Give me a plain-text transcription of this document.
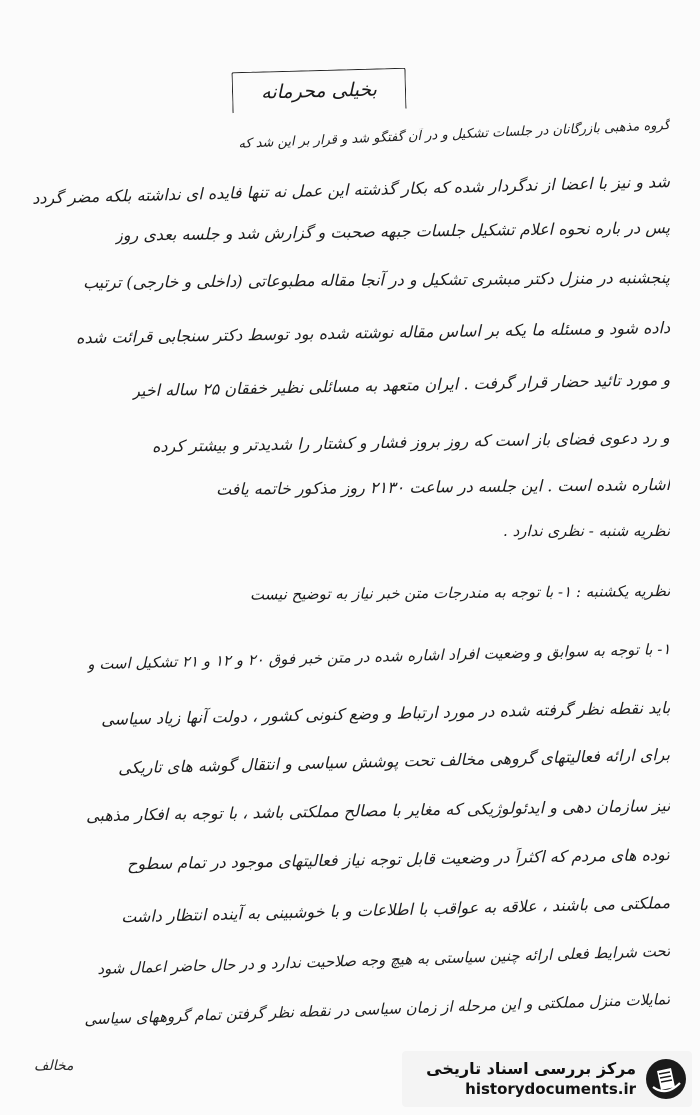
بخیلی محرمانه
گروه مذهبی بازرگانان در جلسات تشکیل و در آن گفتگو شد و قرار بر این شد که
شد و نیز با اعضا از ندگردار شده که بکار گذشته این عمل نه تنها فایده ای نداشته بلکه مضر گردد
پس در باره نحوه اعلام تشکیل جلسات جبهه صحبت و گزارش شد و جلسه بعدی روز
پنجشنبه در منزل دکتر مبشری تشکیل و در آنجا مقاله مطبوعاتی (داخلی و خارجی) ترتیب
داده شود و مسئله ما یکه بر اساس مقاله نوشته شده بود توسط دکتر سنجابی قرائت شده
و مورد تائید حضار قرار گرفت . ایران متعهد به مسائلی نظیر خفقان ۲۵ ساله اخیر
و رد دعوی فضای باز است که روز بروز فشار و کشتار را شدیدتر و بیشتر کرده
اشاره شده است . این جلسه در ساعت ۲۱۳۰ روز مذکور خاتمه یافت
نظریه شنبه - نظری ندارد .
نظریه یکشنبه : ۱- با توجه به مندرجات متن خبر نیاز به توضیح نیست
۱- با توجه به سوابق و وضعیت افراد اشاره شده در متن خبر فوق ۲۰ و ۱۲ و ۲۱ تشکیل است و
باید نقطه نظر گرفته شده در مورد ارتباط و وضع کنونی کشور ، دولت آنها زیاد سیاسی
برای ارائه فعالیتهای گروهی مخالف تحت پوشش سیاسی و انتقال گوشه های تاریکی
نیز سازمان دهی و ایدئولوژیکی که مغایر با مصالح مملکتی باشد ، با توجه به افکار مذهبی
توده های مردم که اکثراً در وضعیت قابل توجه نیاز فعالیتهای موجود در تمام سطوح
مملکتی می باشند ، علاقه به عواقب با اطلاعات و با خوشبینی به آینده انتظار داشت
تحت شرایط فعلی ارائه چنین سیاستی به هیچ وجه صلاحیت ندارد و در حال حاضر اعمال شود
تمایلات منزل مملکتی و این مرحله از زمان سیاسی در نقطه نظر گرفتن تمام گروههای سیاسی
مخالف	مرکز بررسی اسناد تاریخی
historydocuments.ir
